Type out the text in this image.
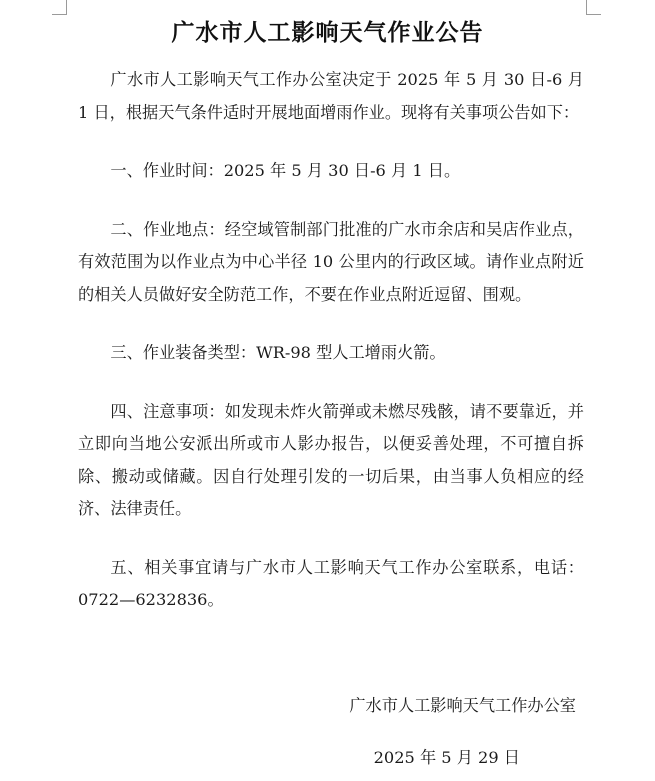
广水市人工影响天气作业公告

广水市人工影响天气工作办公室决定于 2025 年 5 月 30 日-6 月 1 日，根据天气条件适时开展地面增雨作业。现将有关事项公告如下：

一、作业时间：2025 年 5 月 30 日-6 月 1 日。

二、作业地点：经空域管制部门批准的广水市余店和吴店作业点，有效范围为以作业点为中心半径 10 公里内的行政区域。请作业点附近的相关人员做好安全防范工作，不要在作业点附近逗留、围观。

三、作业装备类型：WR-98 型人工增雨火箭。

四、注意事项：如发现未炸火箭弹或未燃尽残骸，请不要靠近，并立即向当地公安派出所或市人影办报告，以便妥善处理，不可擅自拆除、搬动或储藏。因自行处理引发的一切后果，由当事人负相应的经济、法律责任。

五、相关事宜请与广水市人工影响天气工作办公室联系，电话：0722—6232836。

广水市人工影响天气工作办公室
2025 年 5 月 29 日
